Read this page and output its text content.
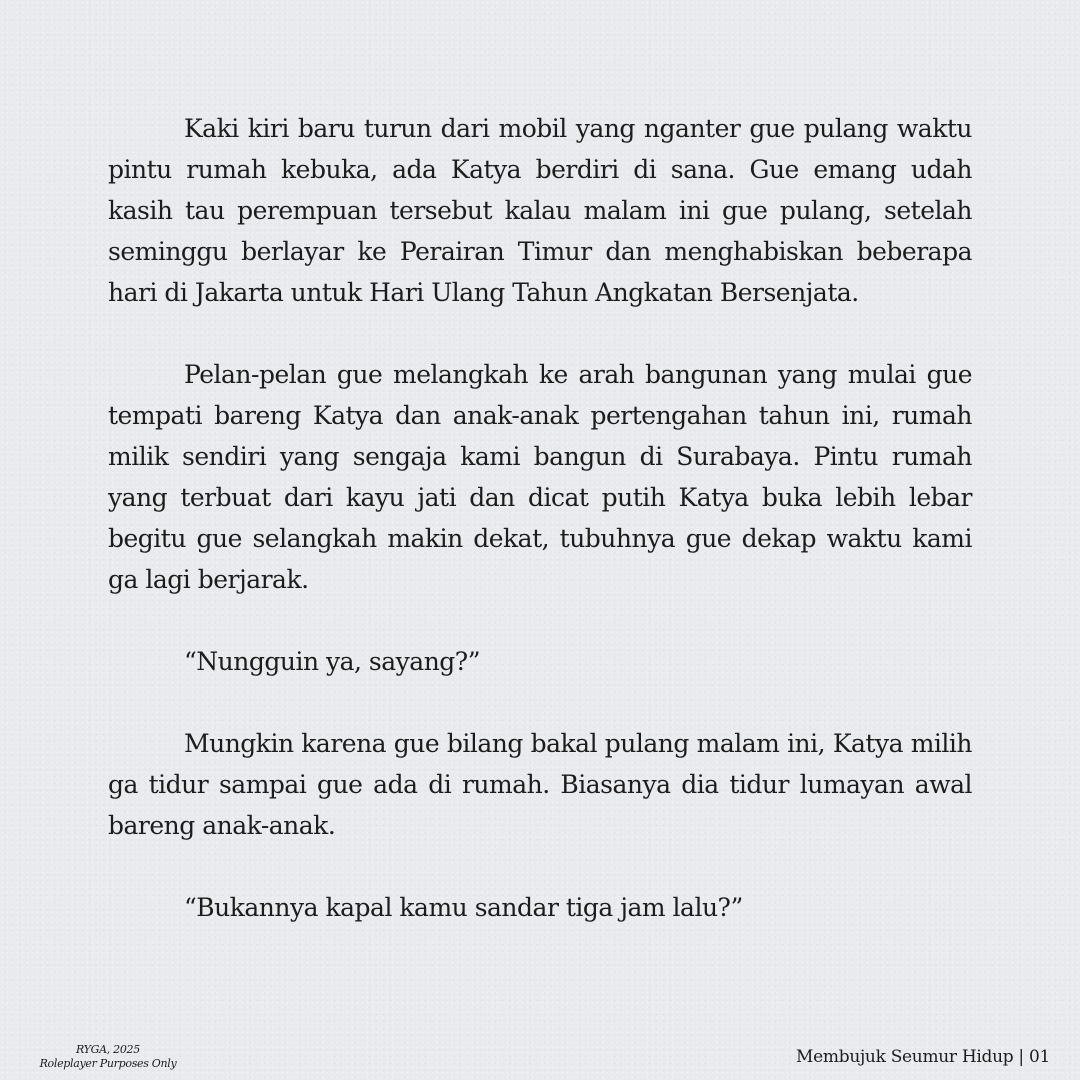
Kaki kiri baru turun dari mobil yang nganter gue pulang waktu pintu rumah kebuka, ada Katya berdiri di sana. Gue emang udah kasih tau perempuan tersebut kalau malam ini gue pulang, setelah seminggu berlayar ke Perairan Timur dan menghabiskan beberapa hari di Jakarta untuk Hari Ulang Tahun Angkatan Bersenjata.

Pelan-pelan gue melangkah ke arah bangunan yang mulai gue tempati bareng Katya dan anak-anak pertengahan tahun ini, rumah milik sendiri yang sengaja kami bangun di Surabaya. Pintu rumah yang terbuat dari kayu jati dan dicat putih Katya buka lebih lebar begitu gue selangkah makin dekat, tubuhnya gue dekap waktu kami ga lagi berjarak.

“Nungguin ya, sayang?”

Mungkin karena gue bilang bakal pulang malam ini, Katya milih ga tidur sampai gue ada di rumah. Biasanya dia tidur lumayan awal bareng anak-anak.

“Bukannya kapal kamu sandar tiga jam lalu?”

RYGA, 2025
Roleplayer Purposes Only	Membujuk Seumur Hidup | 01
